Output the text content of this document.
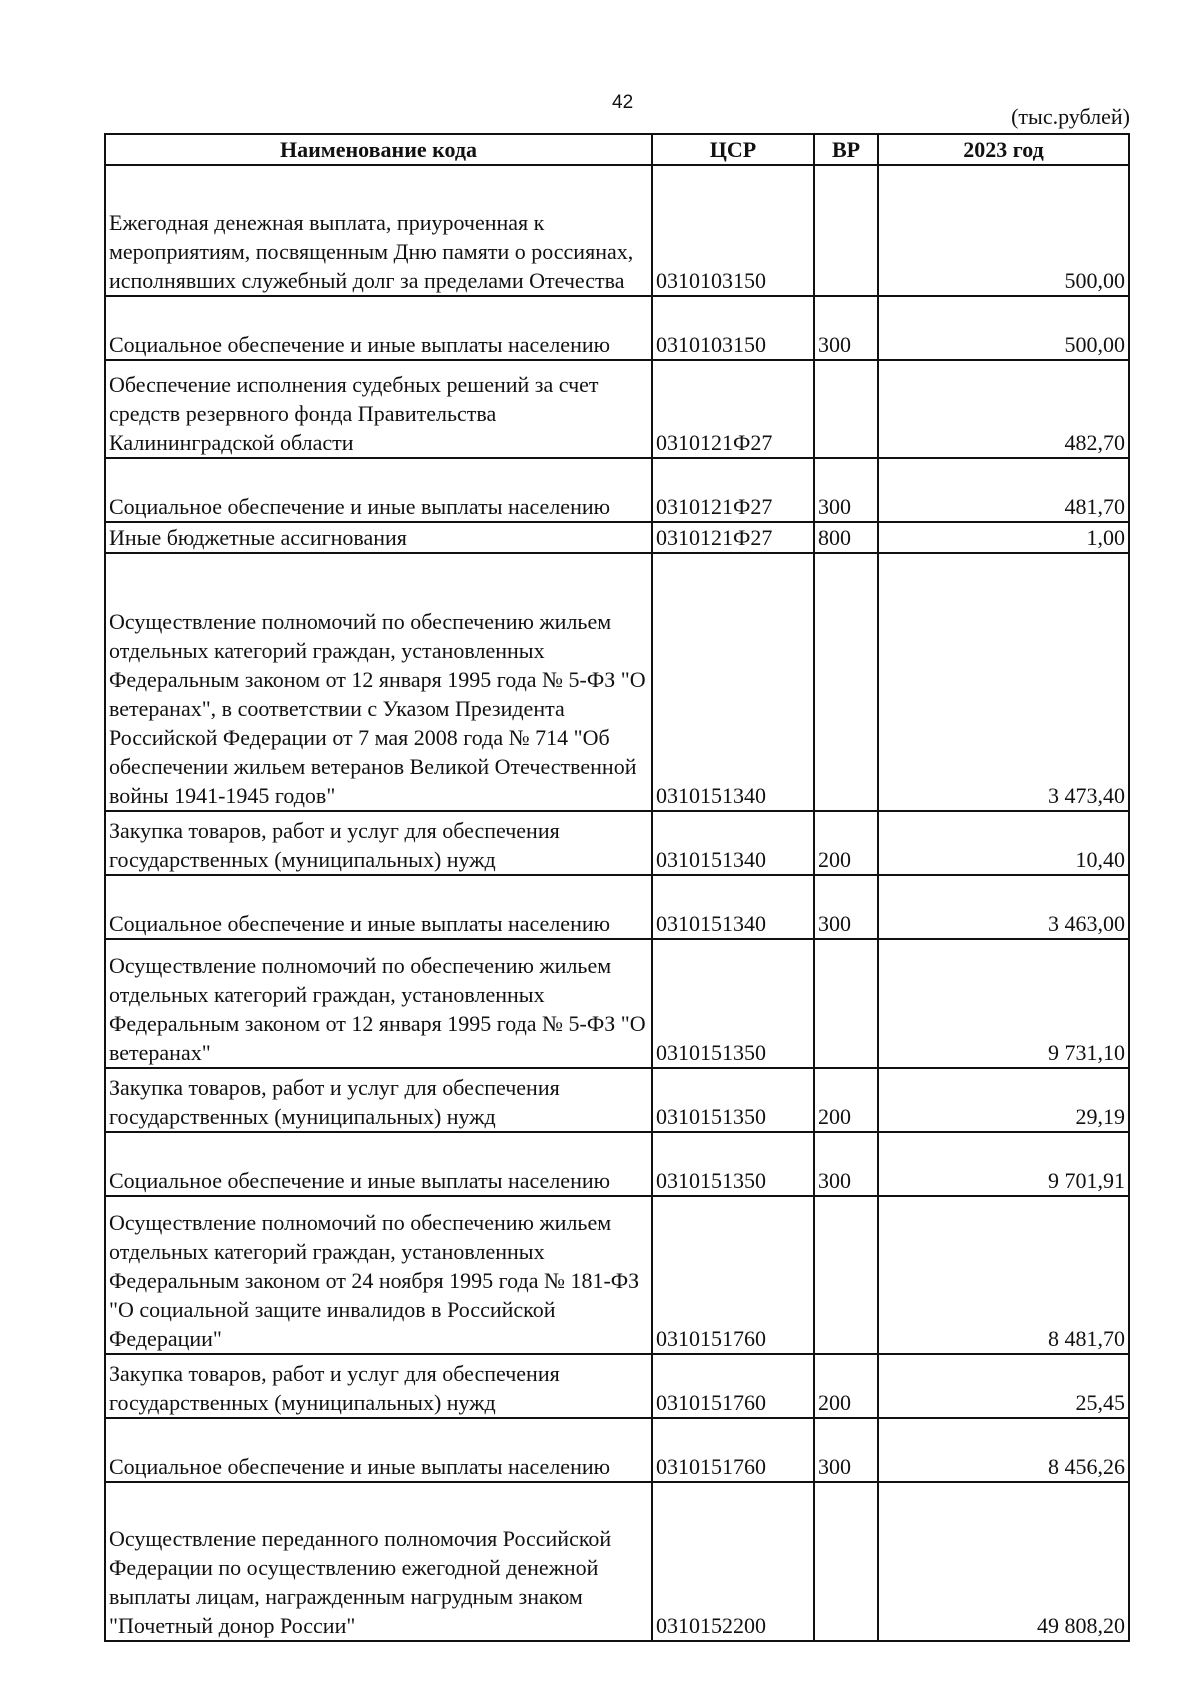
42
(тыс.рублей)
Наименование кода	ЦСР	ВР	2023 год
Ежегодная денежная выплата, приуроченная к мероприятиям, посвященным Дню памяти о россиянах, исполнявших служебный долг за пределами Отечества	0310103150		500,00
Социальное обеспечение и иные выплаты населению	0310103150	300	500,00
Обеспечение исполнения судебных решений за счет средств резервного фонда Правительства Калининградской области	0310121Ф27		482,70
Социальное обеспечение и иные выплаты населению	0310121Ф27	300	481,70
Иные бюджетные ассигнования	0310121Ф27	800	1,00
Осуществление полномочий по обеспечению жильем отдельных категорий граждан, установленных Федеральным законом от 12 января 1995 года № 5-ФЗ "О ветеранах", в соответствии с Указом Президента Российской Федерации от 7 мая 2008 года № 714 "Об обеспечении жильем ветеранов Великой Отечественной войны 1941-1945 годов"	0310151340		3 473,40
Закупка товаров, работ и услуг для обеспечения государственных (муниципальных) нужд	0310151340	200	10,40
Социальное обеспечение и иные выплаты населению	0310151340	300	3 463,00
Осуществление полномочий по обеспечению жильем отдельных категорий граждан, установленных Федеральным законом от 12 января 1995 года № 5-ФЗ "О ветеранах"	0310151350		9 731,10
Закупка товаров, работ и услуг для обеспечения государственных (муниципальных) нужд	0310151350	200	29,19
Социальное обеспечение и иные выплаты населению	0310151350	300	9 701,91
Осуществление полномочий по обеспечению жильем отдельных категорий граждан, установленных Федеральным законом от 24 ноября 1995 года № 181-ФЗ "О социальной защите инвалидов в Российской Федерации"	0310151760		8 481,70
Закупка товаров, работ и услуг для обеспечения государственных (муниципальных) нужд	0310151760	200	25,45
Социальное обеспечение и иные выплаты населению	0310151760	300	8 456,26
Осуществление переданного полномочия Российской Федерации по осуществлению ежегодной денежной выплаты лицам, награжденным нагрудным знаком "Почетный донор России"	0310152200		49 808,20
